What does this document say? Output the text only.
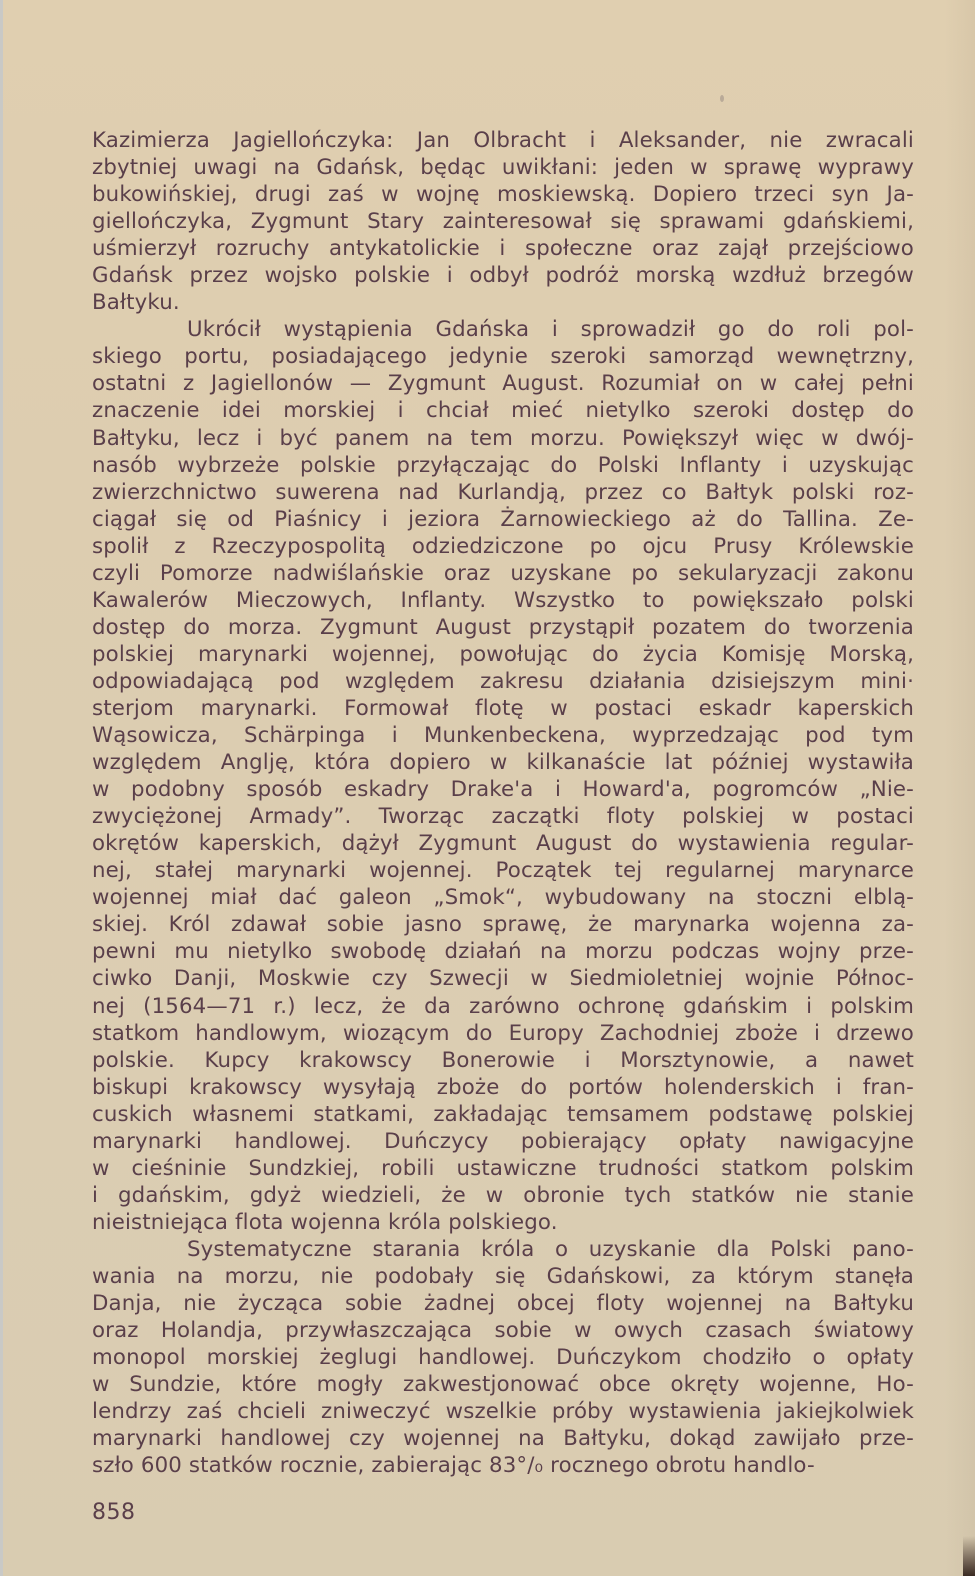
Kazimierza Jagiellończyka: Jan Olbracht i Aleksander, nie zwracali
zbytniej uwagi na Gdańsk, będąc uwikłani: jeden w sprawę wyprawy
bukowińskiej, drugi zaś w wojnę moskiewską. Dopiero trzeci syn Ja-
giellończyka, Zygmunt Stary zainteresował się sprawami gdańskiemi,
uśmierzył rozruchy antykatolickie i społeczne oraz zajął przejściowo
Gdańsk przez wojsko polskie i odbył podróż morską wzdłuż brzegów
Bałtyku.
Ukrócił wystąpienia Gdańska i sprowadził go do roli pol-
skiego portu, posiadającego jedynie szeroki samorząd wewnętrzny,
ostatni z Jagiellonów — Zygmunt August. Rozumiał on w całej pełni
znaczenie idei morskiej i chciał mieć nietylko szeroki dostęp do
Bałtyku, lecz i być panem na tem morzu. Powiększył więc w dwój-
nasób wybrzeże polskie przyłączając do Polski Inflanty i uzyskując
zwierzchnictwo suwerena nad Kurlandją, przez co Bałtyk polski roz-
ciągał się od Piaśnicy i jeziora Żarnowieckiego aż do Tallina. Ze-
spolił z Rzeczypospolitą odziedziczone po ojcu Prusy Królewskie
czyli Pomorze nadwiślańskie oraz uzyskane po sekularyzacji zakonu
Kawalerów Mieczowych, Inflanty. Wszystko to powiększało polski
dostęp do morza. Zygmunt August przystąpił pozatem do tworzenia
polskiej marynarki wojennej, powołując do życia Komisję Morską,
odpowiadającą pod względem zakresu działania dzisiejszym mini·
sterjom marynarki. Formował flotę w postaci eskadr kaperskich
Wąsowicza, Schärpinga i Munkenbeckena, wyprzedzając pod tym
względem Anglję, która dopiero w kilkanaście lat później wystawiła
w podobny sposób eskadry Drake'a i Howard'a, pogromców „Nie-
zwyciężonej Armady”. Tworząc zaczątki floty polskiej w postaci
okrętów kaperskich, dążył Zygmunt August do wystawienia regular-
nej, stałej marynarki wojennej. Początek tej regularnej marynarce
wojennej miał dać galeon „Smok“, wybudowany na stoczni elblą-
skiej. Król zdawał sobie jasno sprawę, że marynarka wojenna za-
pewni mu nietylko swobodę działań na morzu podczas wojny prze-
ciwko Danji, Moskwie czy Szwecji w Siedmioletniej wojnie Północ-
nej (1564—71 r.) lecz, że da zarówno ochronę gdańskim i polskim
statkom handlowym, wiozącym do Europy Zachodniej zboże i drzewo
polskie. Kupcy krakowscy Bonerowie i Morsztynowie, a nawet
biskupi krakowscy wysyłają zboże do portów holenderskich i fran-
cuskich własnemi statkami, zakładając temsamem podstawę polskiej
marynarki handlowej. Duńczycy pobierający opłaty nawigacyjne
w cieśninie Sundzkiej, robili ustawiczne trudności statkom polskim
i gdańskim, gdyż wiedzieli, że w obronie tych statków nie stanie
nieistniejąca flota wojenna króla polskiego.
Systematyczne starania króla o uzyskanie dla Polski pano-
wania na morzu, nie podobały się Gdańskowi, za którym stanęła
Danja, nie życząca sobie żadnej obcej floty wojennej na Bałtyku
oraz Holandja, przywłaszczająca sobie w owych czasach światowy
monopol morskiej żeglugi handlowej. Duńczykom chodziło o opłaty
w Sundzie, które mogły zakwestjonować obce okręty wojenne, Ho-
lendrzy zaś chcieli zniweczyć wszelkie próby wystawienia jakiejkolwiek
marynarki handlowej czy wojennej na Bałtyku, dokąd zawijało prze-
szło 600 statków rocznie, zabierając 83°/₀ rocznego obrotu handlo-
858
